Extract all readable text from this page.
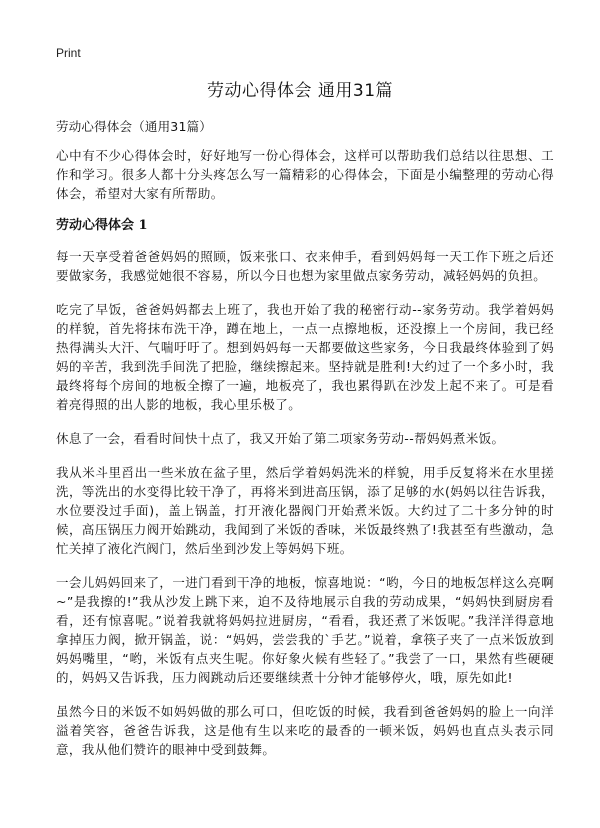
Print
劳动心得体会 通用31篇

劳动心得体会（通用31篇）

心中有不少心得体会时，好好地写一份心得体会，这样可以帮助我们总结以往思想、工作和学习。很多人都十分头疼怎么写一篇精彩的心得体会，下面是小编整理的劳动心得体会，希望对大家有所帮助。

劳动心得体会 1

每一天享受着爸爸妈妈的照顾，饭来张口、衣来伸手，看到妈妈每一天工作下班之后还要做家务，我感觉她很不容易，所以今日也想为家里做点家务劳动，减轻妈妈的负担。

吃完了早饭，爸爸妈妈都去上班了，我也开始了我的秘密行动--家务劳动。我学着妈妈的样貌，首先将抹布洗干净，蹲在地上，一点一点擦地板，还没擦上一个房间，我已经热得满头大汗、气喘吁吁了。想到妈妈每一天都要做这些家务，今日我最终体验到了妈妈的辛苦，我到洗手间洗了把脸，继续擦起来。坚持就是胜利!大约过了一个多小时，我最终将每个房间的地板全擦了一遍，地板亮了，我也累得趴在沙发上起不来了。可是看着亮得照的出人影的地板，我心里乐极了。

休息了一会，看看时间快十点了，我又开始了第二项家务劳动--帮妈妈煮米饭。

我从米斗里舀出一些米放在盆子里，然后学着妈妈洗米的样貌，用手反复将米在水里搓洗，等洗出的水变得比较干净了，再将米到进高压锅，添了足够的水(妈妈以往告诉我，水位要没过手面)，盖上锅盖，打开液化器阀门开始煮米饭。大约过了二十多分钟的时候，高压锅压力阀开始跳动，我闻到了米饭的香味，米饭最终熟了!我甚至有些激动，急忙关掉了液化汽阀门，然后坐到沙发上等妈妈下班。

一会儿妈妈回来了，一进门看到干净的地板，惊喜地说：“哟，今日的地板怎样这么亮啊~”是我擦的!”我从沙发上跳下来，迫不及待地展示自我的劳动成果，“妈妈快到厨房看看，还有惊喜呢。”说着我就将妈妈拉进厨房，“看看，我还煮了米饭呢。”我洋洋得意地拿掉压力阀，掀开锅盖，说：“妈妈，尝尝我的`手艺。”说着，拿筷子夹了一点米饭放到妈妈嘴里，“哟，米饭有点夹生呢。你好象火候有些轻了。”我尝了一口，果然有些硬硬的，妈妈又告诉我，压力阀跳动后还要继续煮十分钟才能够停火，哦，原先如此!

虽然今日的米饭不如妈妈做的那么可口，但吃饭的时候，我看到爸爸妈妈的脸上一向洋溢着笑容，爸爸告诉我，这是他有生以来吃的最香的一顿米饭，妈妈也直点头表示同意，我从他们赞许的眼神中受到鼓舞。
